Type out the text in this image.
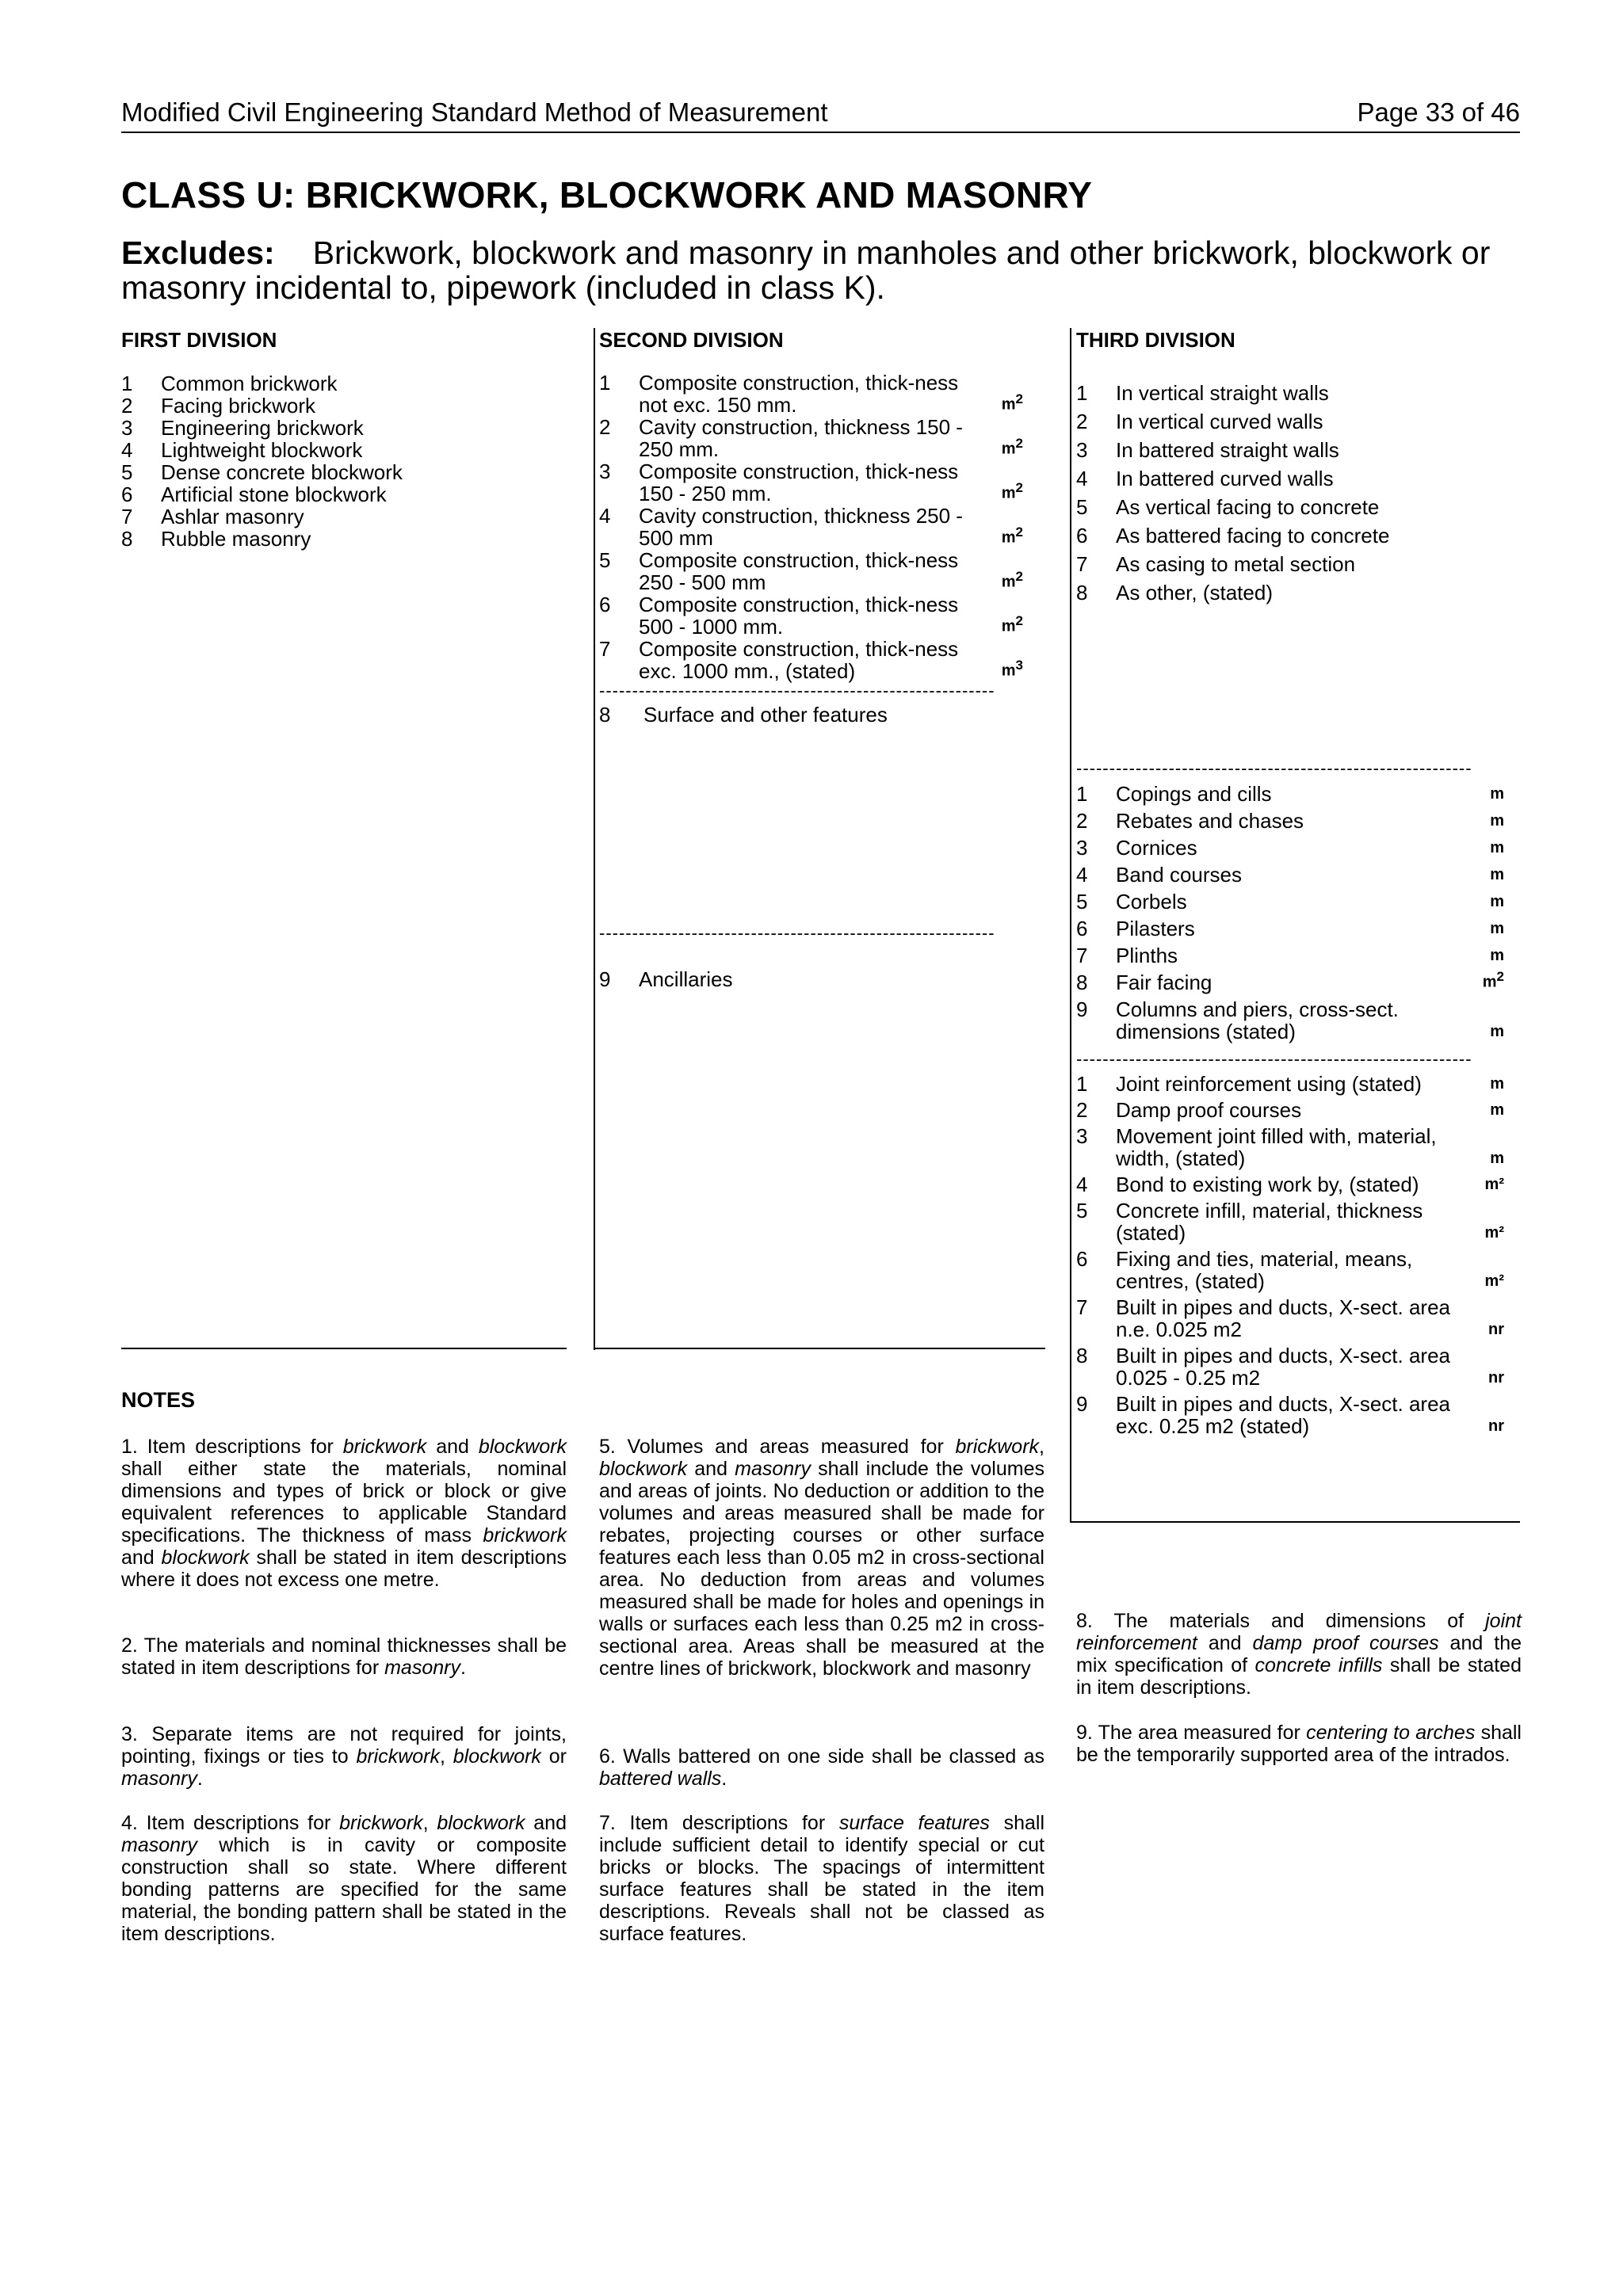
Modified Civil Engineering Standard Method of Measurement	Page 33 of 46
CLASS U: BRICKWORK, BLOCKWORK AND MASONRY
Excludes: Brickwork, blockwork and masonry in manholes and other brickwork, blockwork or masonry incidental to, pipework (included in class K).
FIRST DIVISION	SECOND DIVISION	THIRD DIVISION
1 Common brickwork
2 Facing brickwork
3 Engineering brickwork
4 Lightweight blockwork
5 Dense concrete blockwork
6 Artificial stone blockwork
7 Ashlar masonry
8 Rubble masonry
1 Composite construction, thick-ness not exc. 150 mm.	$m^2$
2 Cavity construction, thickness 150 - 250 mm.	$m^2$
3 Composite construction, thick-ness 150 - 250 mm.	$m^2$
4 Cavity construction, thickness 250 - 500 mm	$m^2$
5 Composite construction, thick-ness 250 - 500 mm	$m^2$
6 Composite construction, thick-ness 500 - 1000 mm.	$m^2$
7 Composite construction, thick-ness exc. 1000 mm., (stated)	$m^3$
------------------------------------------------------------
8 Surface and other features
------------------------------------------------------------
9 Ancillaries
1 In vertical straight walls
2 In vertical curved walls
3 In battered straight walls
4 In battered curved walls
5 As vertical facing to concrete
6 As battered facing to concrete
7 As casing to metal section
8 As other, (stated)
------------------------------------------------------------
1 Copings and cills	m
2 Rebates and chases	m
3 Cornices	m
4 Band courses	m
5 Corbels	m
6 Pilasters	m
7 Plinths	m
8 Fair facing	$m^2$
9 Columns and piers, cross-sect. dimensions (stated)	m
------------------------------------------------------------
1 Joint reinforcement using (stated)	m
2 Damp proof courses	m
3 Movement joint filled with, material, width, (stated)	m
4 Bond to existing work by, (stated)	m²
5 Concrete infill, material, thickness (stated)	m²
6 Fixing and ties, material, means, centres, (stated)	m²
7 Built in pipes and ducts, X-sect. area n.e. 0.025 m2	nr
8 Built in pipes and ducts, X-sect. area 0.025 - 0.25 m2	nr
9 Built in pipes and ducts, X-sect. area exc. 0.25 m2 (stated)	nr
NOTES
1. Item descriptions for brickwork and blockwork shall either state the materials, nominal dimensions and types of brick or block or give equivalent references to applicable Standard specifications. The thickness of mass brickwork and blockwork shall be stated in item descriptions where it does not excess one metre.
2. The materials and nominal thicknesses shall be stated in item descriptions for masonry.
3. Separate items are not required for joints, pointing, fixings or ties to brickwork, blockwork or masonry.
4. Item descriptions for brickwork, blockwork and masonry which is in cavity or composite construction shall so state. Where different bonding patterns are specified for the same material, the bonding pattern shall be stated in the item descriptions.
5. Volumes and areas measured for brickwork, blockwork and masonry shall include the volumes and areas of joints. No deduction or addition to the volumes and areas measured shall be made for rebates, projecting courses or other surface features each less than 0.05 m2 in cross-sectional area. No deduction from areas and volumes measured shall be made for holes and openings in walls or surfaces each less than 0.25 m2 in cross-sectional area. Areas shall be measured at the centre lines of brickwork, blockwork and masonry
6. Walls battered on one side shall be classed as battered walls.
7. Item descriptions for surface features shall include sufficient detail to identify special or cut bricks or blocks. The spacings of intermittent surface features shall be stated in the item descriptions. Reveals shall not be classed as surface features.
8. The materials and dimensions of joint reinforcement and damp proof courses and the mix specification of concrete infills shall be stated in item descriptions.
9. The area measured for centering to arches shall be the temporarily supported area of the intrados.
